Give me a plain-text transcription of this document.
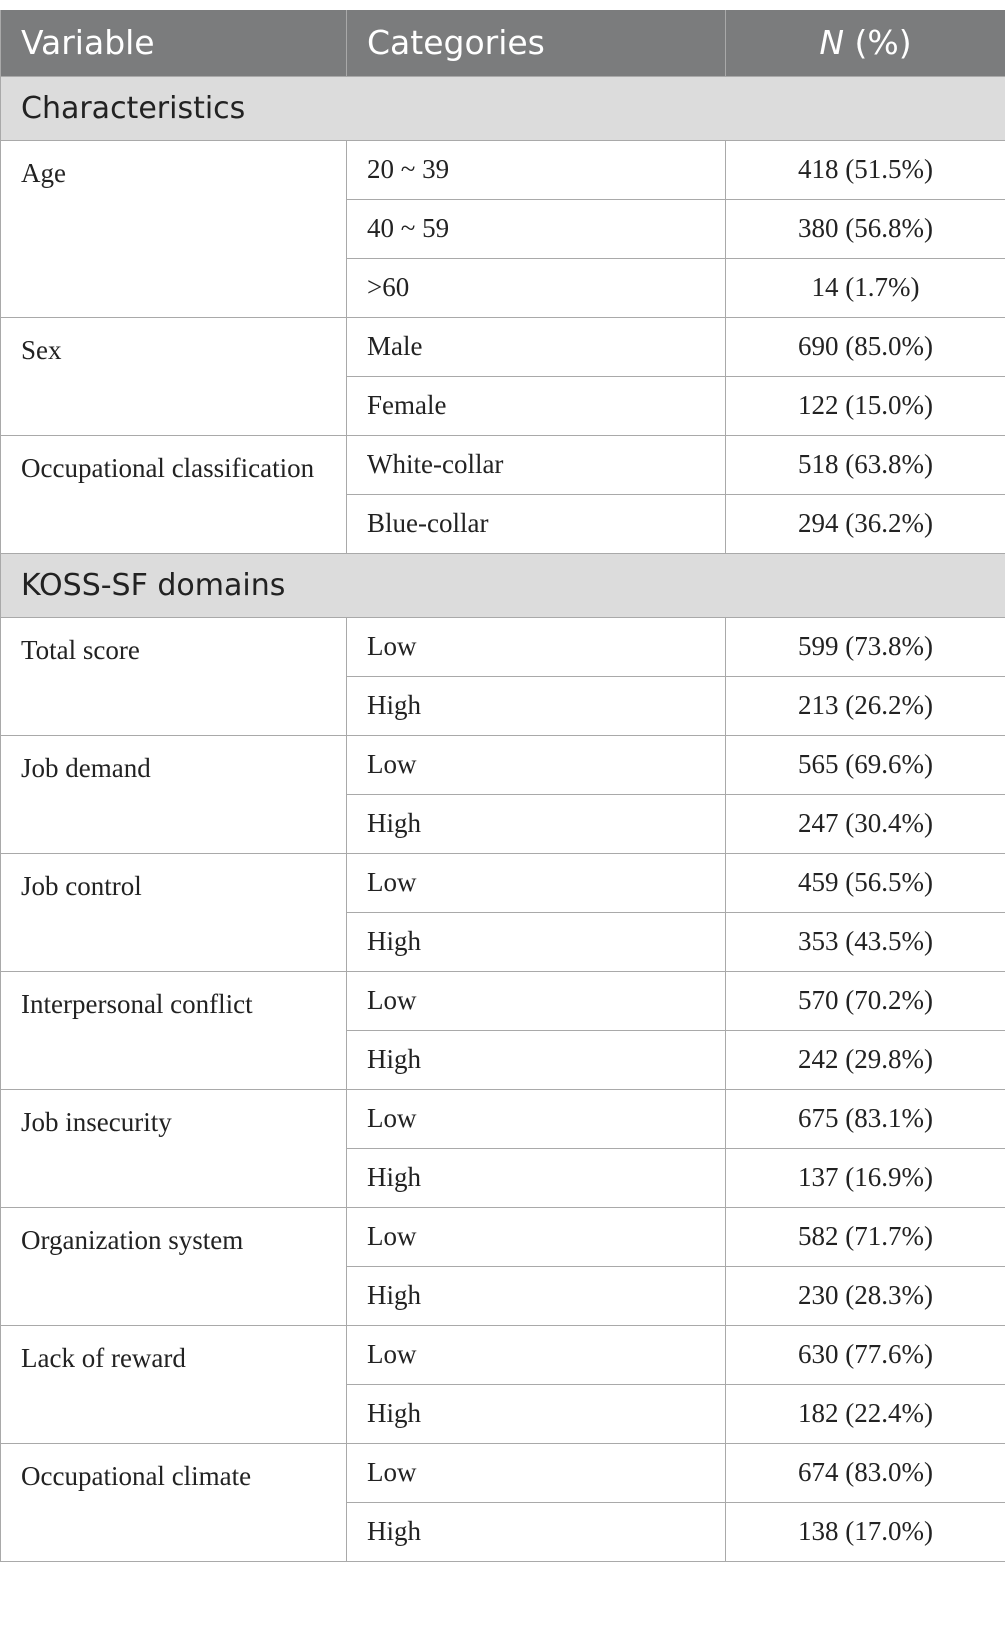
Variable	Categories	N (%)
Characteristics		

Age	20 ~ 39	418 (51.5%)
	40 ~ 59	380 (56.8%)
	>60	14 (1.7%)

Sex	Male	690 (85.0%)
	Female	122 (15.0%)

Occupational classification	White-collar	518 (63.8%)
	Blue-collar	294 (36.2%)
KOSS-SF domains		

Total score	Low	599 (73.8%)
	High	213 (26.2%)

Job demand	Low	565 (69.6%)
	High	247 (30.4%)

Job control	Low	459 (56.5%)
	High	353 (43.5%)

Interpersonal conflict	Low	570 (70.2%)
	High	242 (29.8%)

Job insecurity	Low	675 (83.1%)
	High	137 (16.9%)

Organization system	Low	582 (71.7%)
	High	230 (28.3%)

Lack of reward	Low	630 (77.6%)
	High	182 (22.4%)

Occupational climate	Low	674 (83.0%)
	High	138 (17.0%)
